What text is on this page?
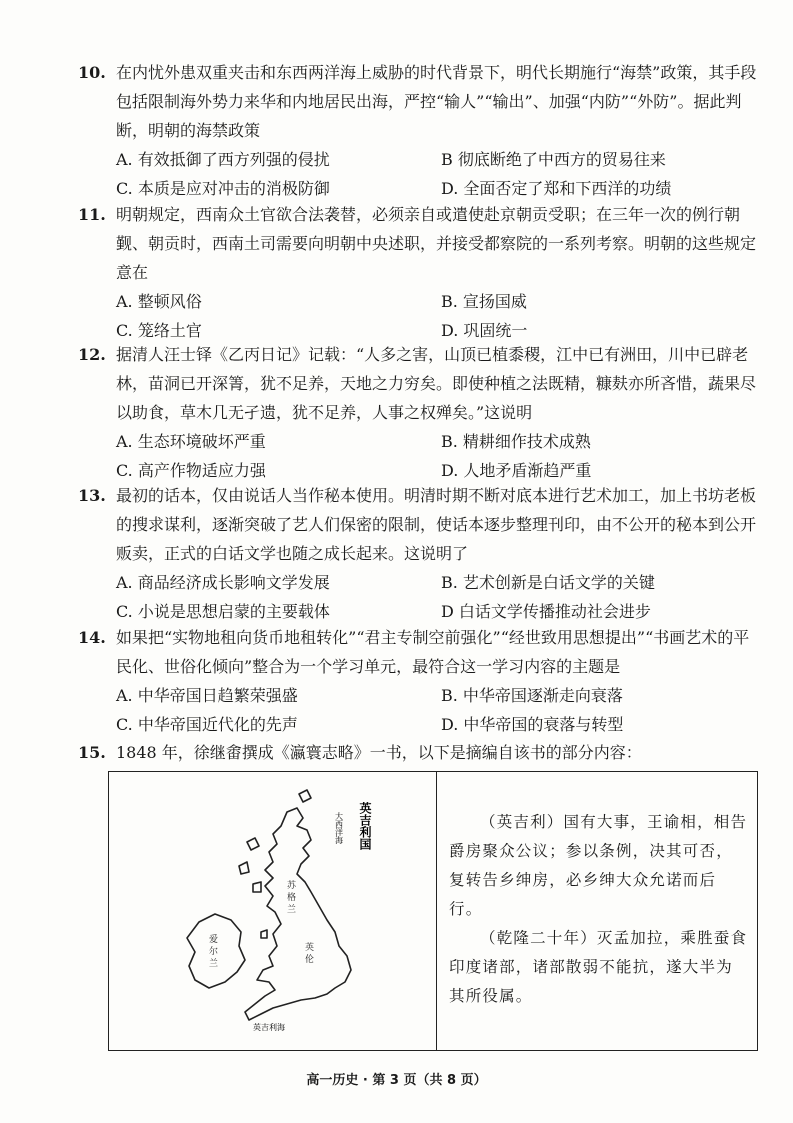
10. 在内忧外患双重夹击和东西两洋海上威胁的时代背景下，明代长期施行“海禁”政策，其手段包括限制海外势力来华和内地居民出海，严控“输人”“输出”、加强“内防”“外防”。据此判断，明朝的海禁政策
A. 有效抵御了西方列强的侵扰	B 彻底断绝了中西方的贸易往来
C. 本质是应对冲击的消极防御	D. 全面否定了郑和下西洋的功绩
11. 明朝规定，西南众土官欲合法袭替，必须亲自或遣使赴京朝贡受职；在三年一次的例行朝觐、朝贡时，西南土司需要向明朝中央述职，并接受都察院的一系列考察。明朝的这些规定意在
A. 整顿风俗	B. 宣扬国威
C. 笼络土官	D. 巩固统一
12. 据清人汪士铎《乙丙日记》记载：“人多之害，山顶已植黍稷，江中已有洲田，川中已辟老林，苗洞已开深箐，犹不足养，天地之力穷矣。即使种植之法既精，糠麸亦所吝惜，蔬果尽以助食，草木几无孑遗，犹不足养，人事之权殚矣。”这说明
A. 生态环境破坏严重	B. 精耕细作技术成熟
C. 高产作物适应力强	D. 人地矛盾渐趋严重
13. 最初的话本，仅由说话人当作秘本使用。明清时期不断对底本进行艺术加工，加上书坊老板的搜求谋利，逐渐突破了艺人们保密的限制，使话本逐步整理刊印，由不公开的秘本到公开贩卖，正式的白话文学也随之成长起来。这说明了
A. 商品经济成长影响文学发展	B. 艺术创新是白话文学的关键
C. 小说是思想启蒙的主要载体	D 白话文学传播推动社会进步
14. 如果把“实物地租向货币地租转化”“君主专制空前强化”“经世致用思想提出”“书画艺术的平民化、世俗化倾向”整合为一个学习单元，最符合这一学习内容的主题是
A. 中华帝国日趋繁荣强盛	B. 中华帝国逐渐走向衰落
C. 中华帝国近代化的先声	D. 中华帝国的衰落与转型
15. 1848 年，徐继畬撰成《瀛寰志略》一书，以下是摘编自该书的部分内容：
苏
格
兰
英
伦
爱
尔
兰
英吉利国
大西洋海
英吉利海

（英吉利）国有大事，王谕相，相告爵房聚众公议；参以条例，决其可否，复转告乡绅房，必乡绅大众允诺而后行。

（乾隆二十年）灭孟加拉，乘胜蚕食印度诸部，诸部散弱不能抗，遂大半为其所役属。

高一历史 · 第 3 页（共 8 页）
